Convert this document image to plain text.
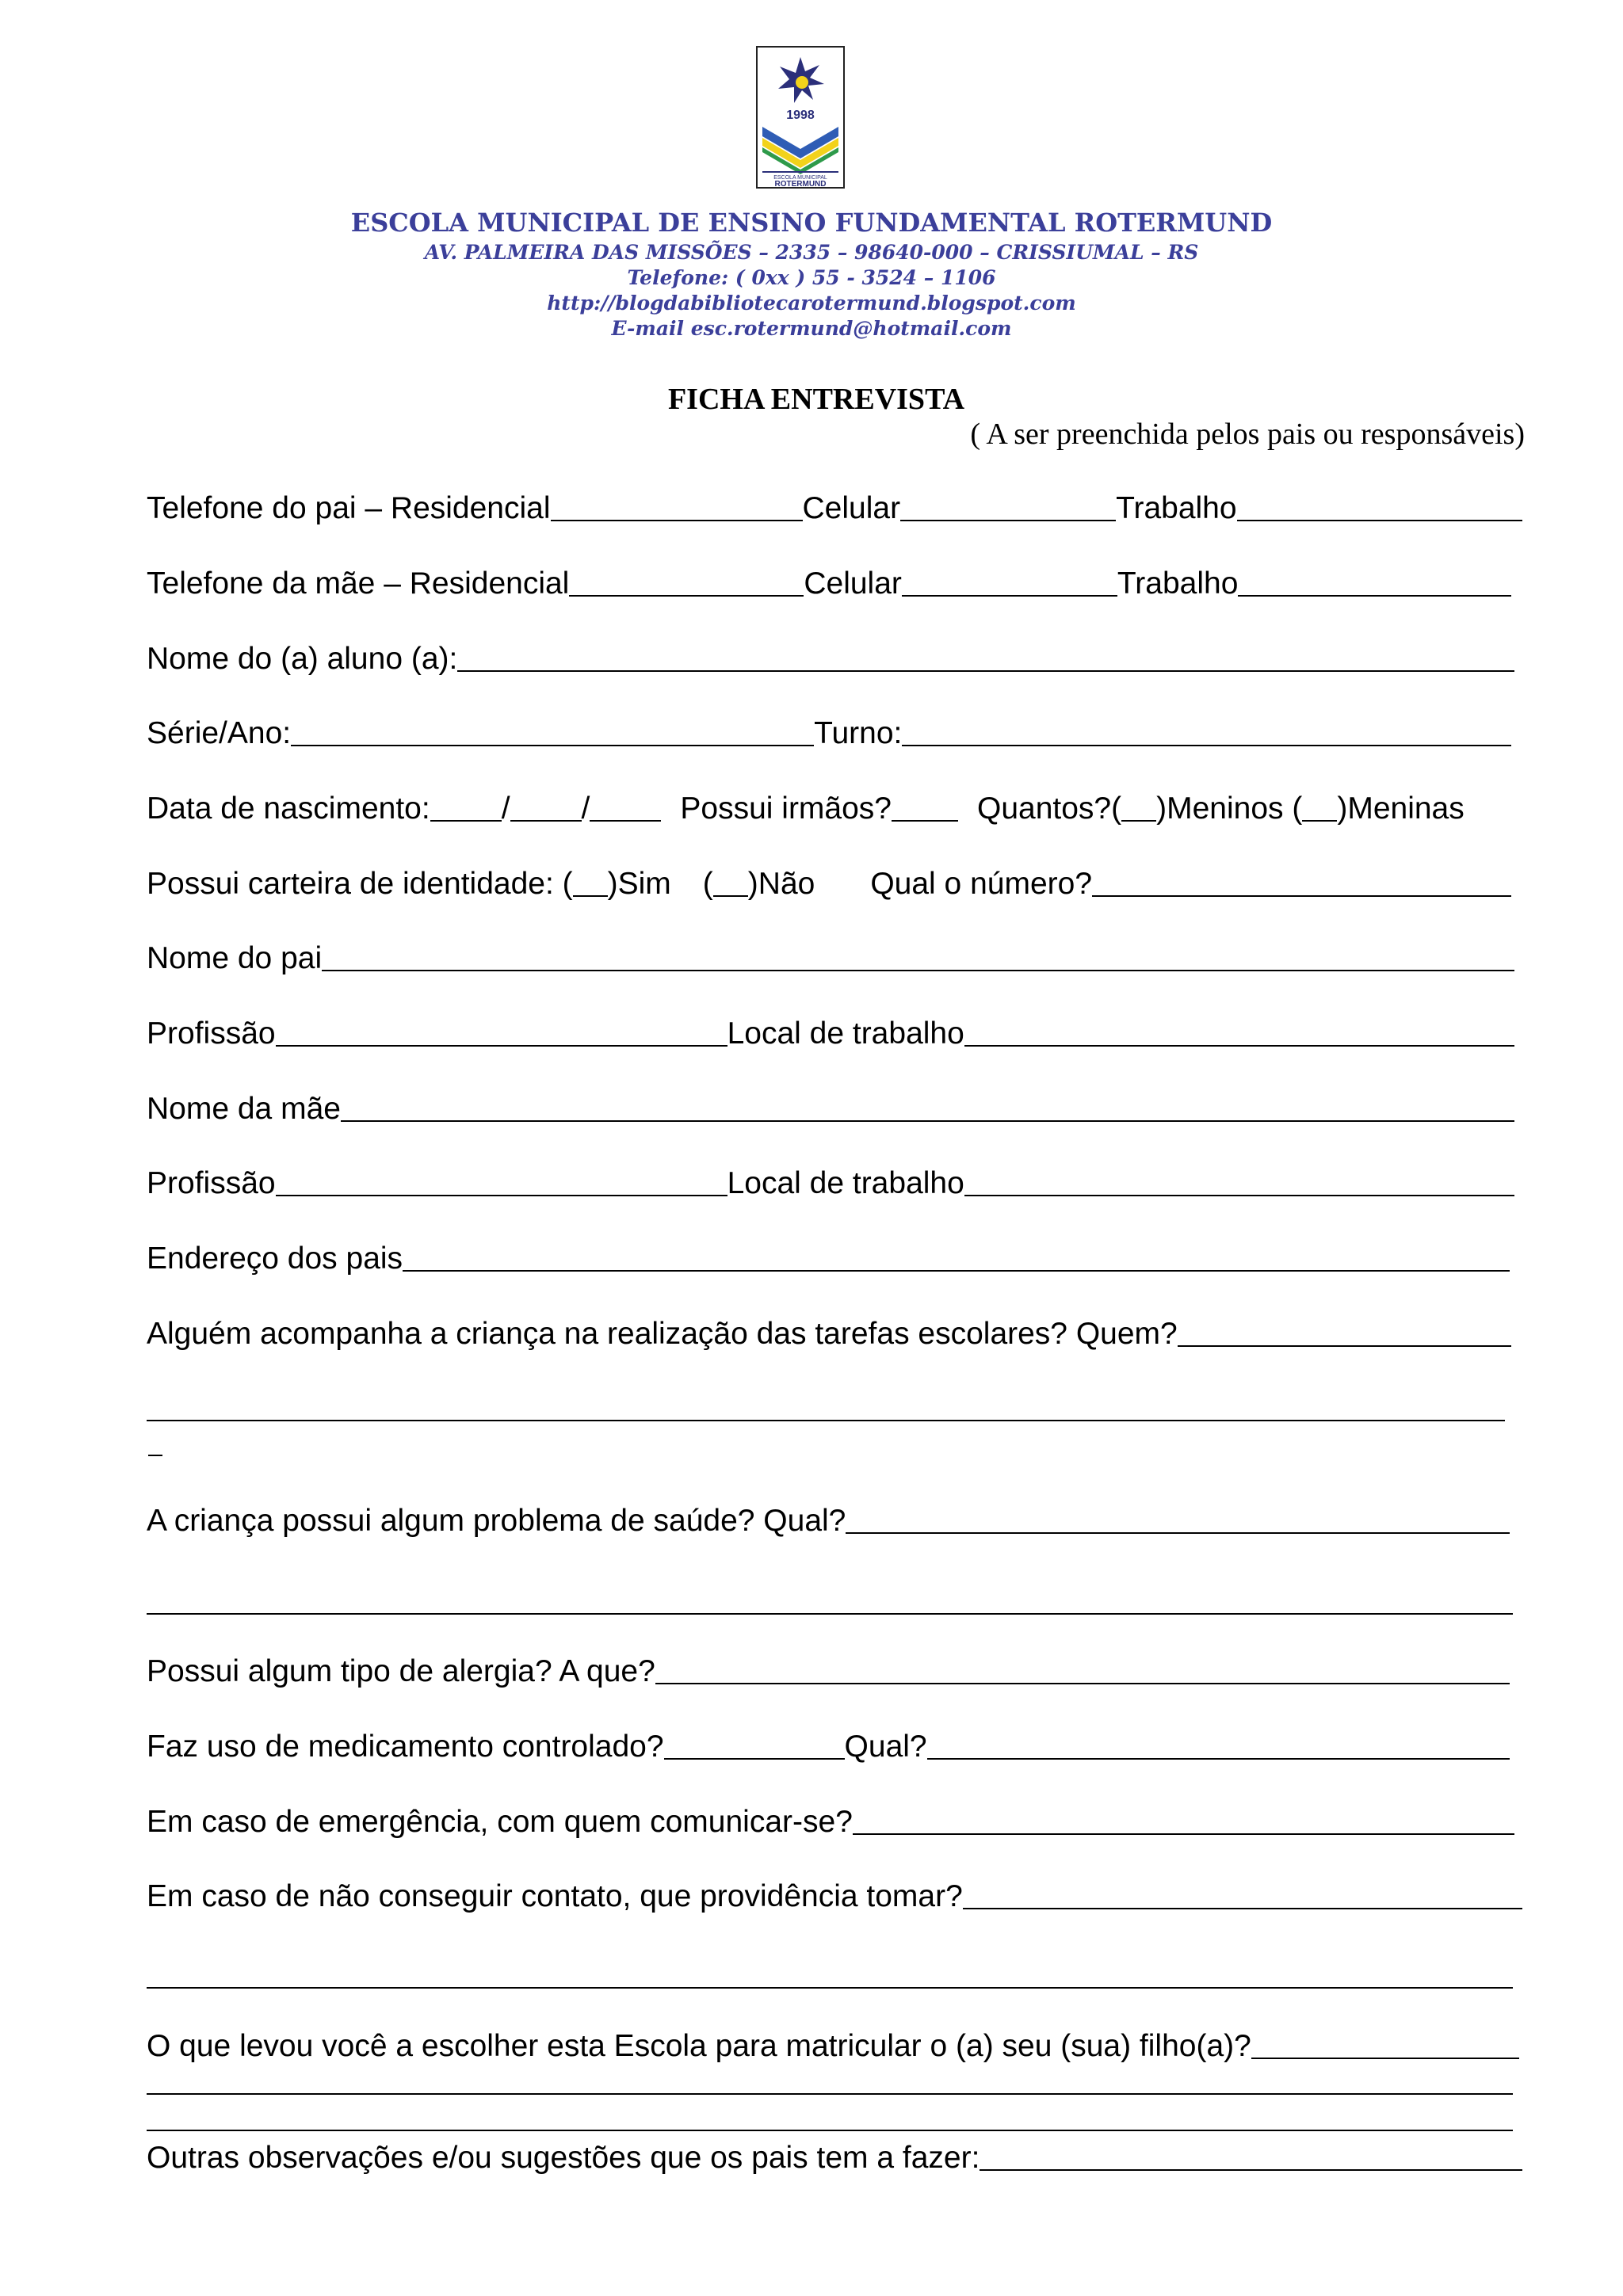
1998
ESCOLA MUNICIPAL
ROTERMUND
ESCOLA MUNICIPAL DE ENSINO FUNDAMENTAL ROTERMUND
AV. PALMEIRA DAS MISSÕES – 2335 – 98640-000 – CRISSIUMAL – RS
Telefone: ( 0xx ) 55 - 3524 – 1106
http://blogdabibliotecarotermund.blogspot.com
E-mail esc.rotermund@hotmail.com
FICHA ENTREVISTA
( A ser preenchida pelos pais ou responsáveis)
Telefone do pai – Residencial	Celular	Trabalho
Telefone da mãe – Residencial	Celular	Trabalho
Nome do (a) aluno (a):
Série/Ano:	Turno:
Data de nascimento: / /	Possui irmãos?	Quantos?( )Meninos ( )Meninas
Possui carteira de identidade: ( )Sim ( )Não Qual o número?
Nome do pai
Profissão	Local de trabalho
Nome da mãe
Profissão	Local de trabalho
Endereço dos pais
Alguém acompanha a criança na realização das tarefas escolares? Quem?
A criança possui algum problema de saúde? Qual?
Possui algum tipo de alergia? A que?
Faz uso de medicamento controlado?	Qual?
Em caso de emergência, com quem comunicar-se?
Em caso de não conseguir contato, que providência tomar?
O que levou você a escolher esta Escola para matricular o (a) seu (sua) filho(a)?
Outras observações e/ou sugestões que os pais tem a fazer:
